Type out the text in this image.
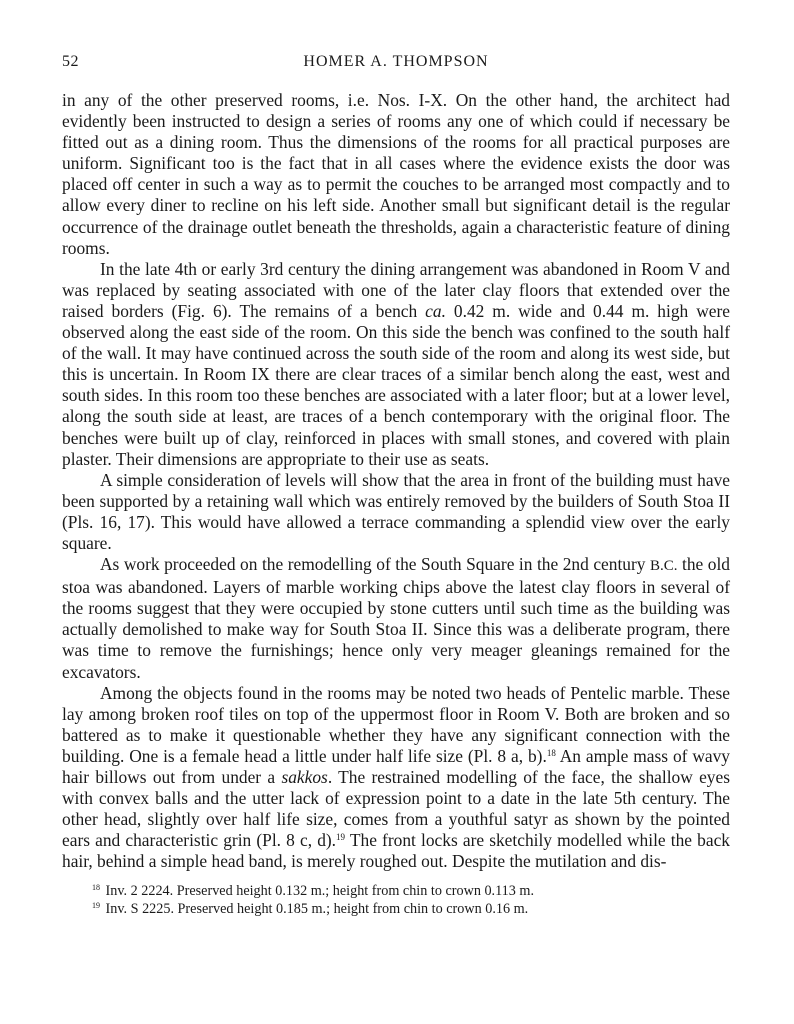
52	HOMER A. THOMPSON

in any of the other preserved rooms, i.e. Nos. I-X. On the other hand, the architect had evidently been instructed to design a series of rooms any one of which could if necessary be fitted out as a dining room. Thus the dimensions of the rooms for all practical purposes are uniform. Significant too is the fact that in all cases where the evidence exists the door was placed off center in such a way as to permit the couches to be arranged most compactly and to allow every diner to recline on his left side. Another small but significant detail is the regular occurrence of the drainage outlet beneath the thresholds, again a characteristic feature of dining rooms.

In the late 4th or early 3rd century the dining arrangement was abandoned in Room V and was replaced by seating associated with one of the later clay floors that extended over the raised borders (Fig. 6). The remains of a bench ca. 0.42 m. wide and 0.44 m. high were observed along the east side of the room. On this side the bench was confined to the south half of the wall. It may have continued across the south side of the room and along its west side, but this is uncertain. In Room IX there are clear traces of a similar bench along the east, west and south sides. In this room too these benches are associated with a later floor; but at a lower level, along the south side at least, are traces of a bench contemporary with the original floor. The benches were built up of clay, reinforced in places with small stones, and covered with plain plaster. Their dimensions are appropriate to their use as seats.

A simple consideration of levels will show that the area in front of the building must have been supported by a retaining wall which was entirely removed by the builders of South Stoa II (Pls. 16, 17). This would have allowed a terrace commanding a splendid view over the early square.

As work proceeded on the remodelling of the South Square in the 2nd century B.C. the old stoa was abandoned. Layers of marble working chips above the latest clay floors in several of the rooms suggest that they were occupied by stone cutters until such time as the building was actually demolished to make way for South Stoa II. Since this was a deliberate program, there was time to remove the furnishings; hence only very meager gleanings remained for the excavators.

Among the objects found in the rooms may be noted two heads of Pentelic marble. These lay among broken roof tiles on top of the uppermost floor in Room V. Both are broken and so battered as to make it questionable whether they have any significant connection with the building. One is a female head a little under half life size (Pl. 8 a, b).$^{18}$ An ample mass of wavy hair billows out from under a sakkos. The restrained modelling of the face, the shallow eyes with convex balls and the utter lack of expression point to a date in the late 5th century. The other head, slightly over half life size, comes from a youthful satyr as shown by the pointed ears and characteristic grin (Pl. 8 c, d).$^{19}$ The front locks are sketchily modelled while the back hair, behind a simple head band, is merely roughed out. Despite the mutilation and dis-

$^{18}$ Inv. 2 2224. Preserved height 0.132 m.; height from chin to crown 0.113 m.
$^{19}$ Inv. S 2225. Preserved height 0.185 m.; height from chin to crown 0.16 m.
